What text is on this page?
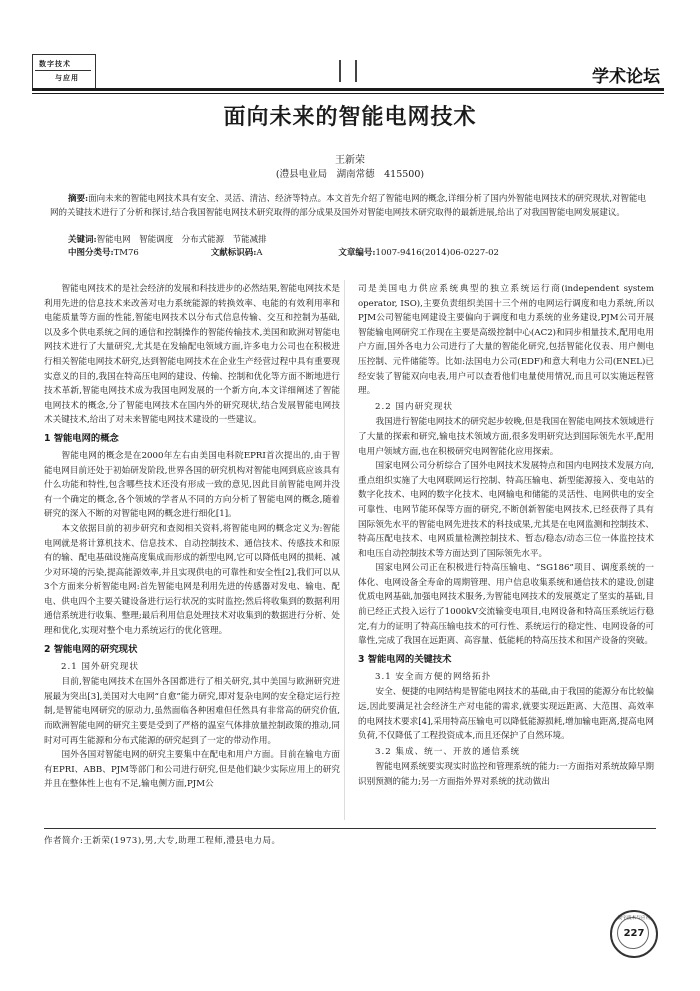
数字技术
与应用	学术论坛
面向未来的智能电网技术
王新荣
(澧县电业局　湖南常德　415500)
摘要:面向未来的智能电网技术具有安全、灵活、清洁、经济等特点。本文首先介绍了智能电网的概念,详细分析了国内外智能电网技术的研究现状,对智能电网的关键技术进行了分析和探讨,结合我国智能电网技术研究取得的部分成果及国外对智能电网技术研究取得的最新进展,给出了对我国智能电网发展建议。
关键词:智能电网　智能调度　分布式能源　节能减排
中图分类号:TM76	文献标识码:A	文章编号:1007-9416(2014)06-0227-02

智能电网技术的是社会经济的发展和科技进步的必然结果,智能电网技术是利用先进的信息技术来改善对电力系统能源的转换效率、电能的有效利用率和电能质量等方面的性能,智能电网技术以分布式信息传输、交互和控制为基础,以及多个供电系统之间的通信和控制操作的智能传输技术,美国和欧洲对智能电网技术进行了大量研究,尤其是在发输配电领域方面,许多电力公司也在积极进行相关智能电网技术研究,达到智能电网技术在企业生产经营过程中具有重要现实意义的目的,我国在特高压电网的建设、传输、控制和优化等方面不断地进行技术革新,智能电网技术成为我国电网发展的一个新方向,本文详细阐述了智能电网技术的概念,分了智能电网技术在国内外的研究现状,结合发展智能电网技术关键技术,给出了对未来智能电网技术建设的一些建议。

1 智能电网的概念

智能电网的概念是在2000年左右由美国电科院EPRI首次提出的,由于智能电网目前还处于初始研发阶段,世界各国的研究机构对智能电网到底应该具有什么功能和特性,包含哪些技术还没有形成一致的意见,因此目前智能电网并没有一个确定的概念,各个领域的学者从不同的方向分析了智能电网的概念,随着研究的深入不断的对智能电网的概念进行细化[1]。

本文依据目前的初步研究和查阅相关资料,将智能电网的概念定义为:智能电网就是将计算机技术、信息技术、自动控制技术、通信技术、传感技术和原有的输、配电基础设施高度集成而形成的新型电网,它可以降低电网的损耗、减少对环境的污染,提高能源效率,并且实现供电的可靠性和安全性[2],我们可以从3个方面来分析智能电网:首先智能电网是利用先进的传感器对发电、输电、配电、供电四个主要关键设备进行运行状况的实时监控;然后将收集到的数据利用通信系统进行收集、整理;最后利用信息处理技术对收集到的数据进行分析、处理和优化,实现对整个电力系统运行的优化管理。

2 智能电网的研究现状
2.1 国外研究现状

目前,智能电网技术在国外各国都进行了相关研究,其中美国与欧洲研究进展最为突出[3],美国对大电网“自愈”能力研究,即对复杂电网的安全稳定运行控制,是智能电网研究的原动力,虽然面临各种困难但任然具有非常高的研究价值,而欧洲智能电网的研究主要是受到了严格的温室气体排放量控制政策的推动,同时对可再生能源和分布式能源的研究起到了一定的带动作用。

国外各国对智能电网的研究主要集中在配电和用户方面。目前在输电方面有EPRI、ABB、PJM等部门和公司进行研究,但是他们缺少实际应用上的研究并且在整体性上也有不足,输电侧方面,PJM公

司是美国电力供应系统典型的独立系统运行商(independent system operator, ISO),主要负责组织美国十三个州的电网运行调度和电力系统,所以PJM公司智能电网建设主要偏向于调度和电力系统的业务建设,PJM公司开展智能输电网研究工作现在主要是高级控制中心(AC2)和同步相量技术,配用电用户方面,国外各电力公司进行了大量的智能化研究,包括智能化仪表、用户侧电压控制、元件储能等。比如:法国电力公司(EDF)和意大利电力公司(ENEL)已经安装了智能双向电表,用户可以查看他们电量使用情况,而且可以实施远程管理。

2.2 国内研究现状

我国进行智能电网技术的研究起步较晚,但是我国在智能电网技术领域进行了大量的探索和研究,输电技术领域方面,很多发明研究达到国际领先水平,配用电用户领域方面,也在积极研究电网智能化应用探索。

国家电网公司分析综合了国外电网技术发展特点和国内电网技术发展方向,重点组织实施了大电网联网运行控制、特高压输电、新型能源接入、变电站的数字化技术、电网的数字化技术、电网输电和储能的灵活性、电网供电的安全可靠性、电网节能环保等方面的研究,不断创新智能电网技术,已经获得了具有国际领先水平的智能电网先进技术的科技成果,尤其是在电网监测和控制技术、特高压配电技术、电网质量检测控制技术、暂态/稳态/动态三位一体监控技术和电压自动控制技术等方面达到了国际领先水平。

国家电网公司正在积极进行特高压输电、“SG186”项目、调度系统的一体化、电网设备全寿命的周期管理、用户信息收集系统和通信技术的建设,创建优质电网基础,加强电网技术服务,为智能电网技术的发展奠定了坚实的基础,目前已经正式投入运行了1000kV交流输变电项目,电网设备和特高压系统运行稳定,有力的证明了特高压输电技术的可行性、系统运行的稳定性、电网设备的可靠性,完成了我国在远距离、高容量、低能耗的特高压技术和国产设备的突破。

3 智能电网的关键技术
3.1 安全而方便的网络拓扑

安全、便捷的电网结构是智能电网技术的基础,由于我国的能源分布比较偏远,因此要满足社会经济生产对电能的需求,就要实现远距离、大范围、高效率的电网技术要求[4],采用特高压输电可以降低能源损耗,增加输电距离,提高电网负荷,不仅降低了工程投资成本,而且还保护了自然环境。

3.2 集成、统一、开放的通信系统

智能电网系统要实现实时监控和管理系统的能力:一方面指对系统故障早期识别预测的能力;另一方面指外界对系统的扰动做出

作者简介:王新荣(1973),男,大专,助理工程师,澧县电力局。
数字技术与应用
227
